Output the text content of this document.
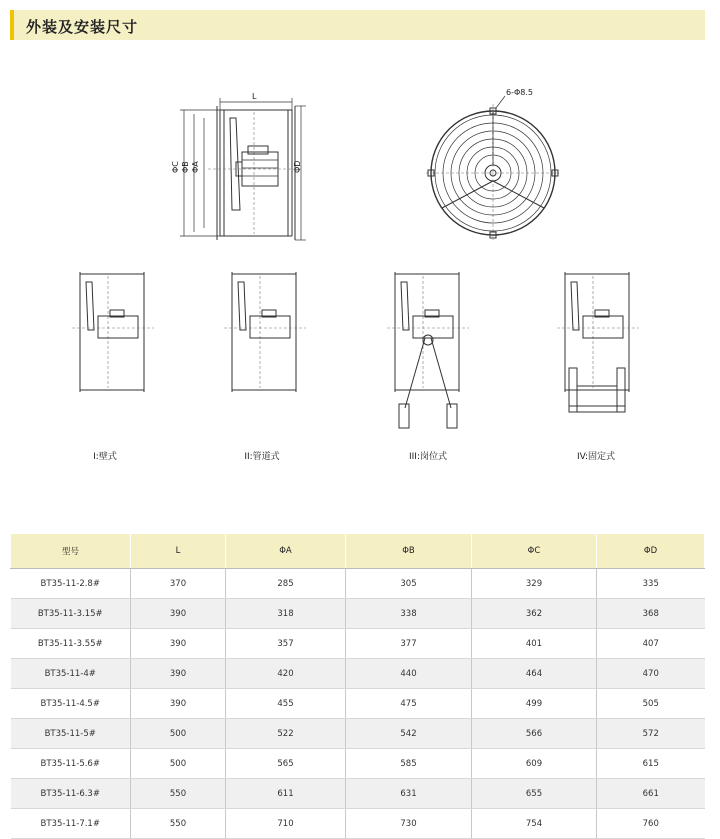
外装及安装尺寸
L
ΦC ΦB ΦA	ΦD
6-Φ8.5
I:壁式	II:管道式	III:岗位式	IV:固定式
型号	L	ΦA	ΦB	ΦC	ΦD
BT35-11-2.8#	370	285	305	329	335
BT35-11-3.15#	390	318	338	362	368
BT35-11-3.55#	390	357	377	401	407
BT35-11-4#	390	420	440	464	470
BT35-11-4.5#	390	455	475	499	505
BT35-11-5#	500	522	542	566	572
BT35-11-5.6#	500	565	585	609	615
BT35-11-6.3#	550	611	631	655	661
BT35-11-7.1#	550	710	730	754	760
